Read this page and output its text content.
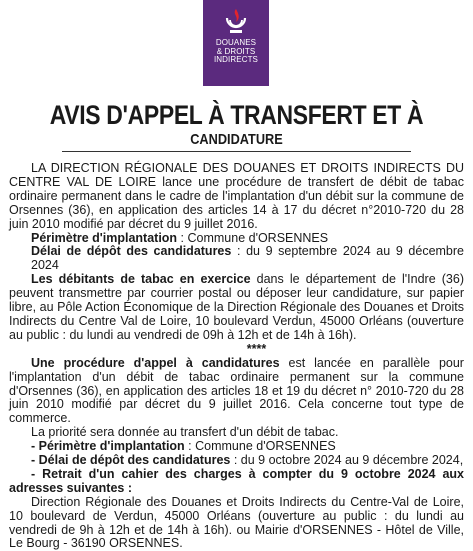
DOUANES
& DROITS
INDIRECTS
AVIS D'APPEL À TRANSFERT ET À
CANDIDATURE

LA DIRECTION RÉGIONALE DES DOUANES ET DROITS INDIRECTS DU CENTRE VAL DE LOIRE lance une procédure de transfert de débit de tabac ordinaire permanent dans le cadre de l'implantation d'un débit sur la commune de Orsennes (36), en application des articles 14 à 17 du décret n°2010-720 du 28 juin 2010 modifié par décret du 9 juillet 2016.

Périmètre d'implantation : Commune d'ORSENNES

Délai de dépôt des candidatures : du 9 septembre 2024 au 9 décembre 2024

Les débitants de tabac en exercice dans le département de l'Indre (36) peuvent transmettre par courrier postal ou déposer leur candidature, sur papier libre, au Pôle Action Économique de la Direction Régionale des Douanes et Droits Indirects du Centre Val de Loire, 10 boulevard Verdun, 45000 Orléans (ouverture au public : du lundi au vendredi de 09h à 12h et de 14h à 16h).

****

Une procédure d'appel à candidatures est lancée en parallèle pour l'implantation d'un débit de tabac ordinaire permanent sur la commune d'Orsennes (36), en application des articles 18 et 19 du décret n° 2010-720 du 28 juin 2010 modifié par décret du 9 juillet 2016. Cela concerne tout type de commerce.

La priorité sera donnée au transfert d'un débit de tabac.

- Périmètre d'implantation : Commune d'ORSENNES

- Délai de dépôt des candidatures : du 9 octobre 2024 au 9 décembre 2024,

- Retrait d'un cahier des charges à compter du 9 octobre 2024 aux adresses suivantes :

Direction Régionale des Douanes et Droits Indirects du Centre-Val de Loire, 10 boulevard de Verdun, 45000 Orléans (ouverture au public : du lundi au vendredi de 9h à 12h et de 14h à 16h). ou Mairie d'ORSENNES - Hôtel de Ville, Le Bourg - 36190 ORSENNES.
